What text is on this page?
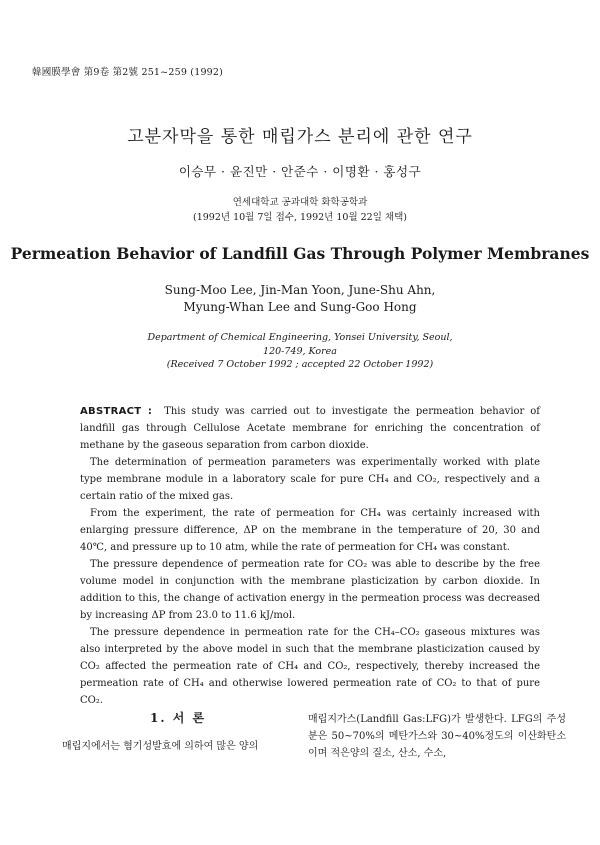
韓國膜學會 第9卷 第2號 251~259 (1992)
고분자막을 통한 매립가스 분리에 관한 연구
이승무 · 윤진만 · 안준수 · 이명환 · 홍성구
연세대학교 공과대학 화학공학과
(1992년 10월 7일 접수, 1992년 10월 22일 채택)
Permeation Behavior of Landfill Gas Through Polymer Membranes
Sung-Moo Lee, Jin-Man Yoon, June-Shu Ahn,
Myung-Whan Lee and Sung-Goo Hong
Department of Chemical Engineering, Yonsei University, Seoul,
120-749, Korea
(Received 7 October 1992 ; accepted 22 October 1992)

ABSTRACT : This study was carried out to investigate the permeation behavior of landfill gas through Cellulose Acetate membrane for enriching the concentration of methane by the gaseous separation from carbon dioxide.

The determination of permeation parameters was experimentally worked with plate type membrane module in a laboratory scale for pure CH₄ and CO₂, respectively and a certain ratio of the mixed gas.

From the experiment, the rate of permeation for CH₄ was certainly increased with enlarging pressure difference, ΔP on the membrane in the temperature of 20, 30 and 40℃, and pressure up to 10 atm, while the rate of permeation for CH₄ was constant.

The pressure dependence of permeation rate for CO₂ was able to describe by the free volume model in conjunction with the membrane plasticization by carbon dioxide. In addition to this, the change of activation energy in the permeation process was decreased by increasing ΔP from 23.0 to 11.6 kJ/mol.

The pressure dependence in permeation rate for the CH₄–CO₂ gaseous mixtures was also interpreted by the above model in such that the membrane plasticization caused by CO₂ affected the permeation rate of CH₄ and CO₂, respectively, thereby increased the permeation rate of CH₄ and otherwise lowered permeation rate of CO₂ to that of pure CO₂.

1. 서 론
매립지에서는 혐기성발효에 의하여 많은 양의
매립지가스(Landfill Gas:LFG)가 발생한다. LFG의 주성분은 50~70%의 메탄가스와 30~40%정도의 이산화탄소이며 적은양의 질소, 산소, 수소,
